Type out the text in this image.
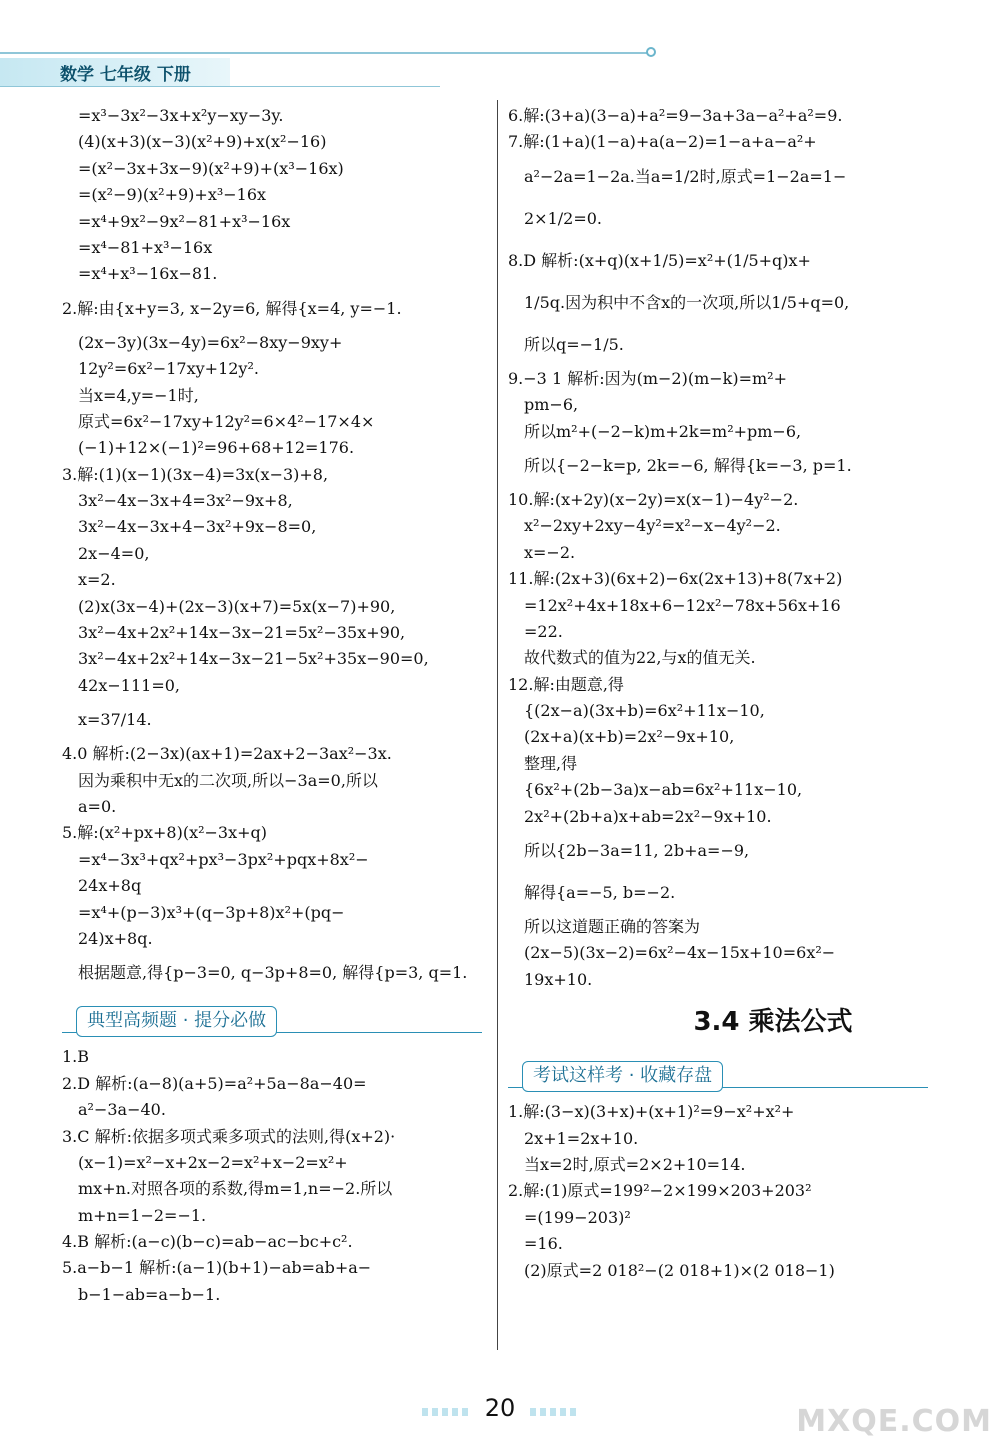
数学 七年级 下册
=x³−3x²−3x+x²y−xy−3y.
(4)(x+3)(x−3)(x²+9)+x(x²−16)
=(x²−3x+3x−9)(x²+9)+(x³−16x)
=(x²−9)(x²+9)+x³−16x
=x⁴+9x²−9x²−81+x³−16x
=x⁴−81+x³−16x
=x⁴+x³−16x−81.
2.解:由{x+y=3, x−2y=6, 解得{x=4, y=−1.
(2x−3y)(3x−4y)=6x²−8xy−9xy+
12y²=6x²−17xy+12y².
当x=4,y=−1时,
原式=6x²−17xy+12y²=6×4²−17×4×
(−1)+12×(−1)²=96+68+12=176.
3.解:(1)(x−1)(3x−4)=3x(x−3)+8,
3x²−4x−3x+4=3x²−9x+8,
3x²−4x−3x+4−3x²+9x−8=0,
2x−4=0,
x=2.
(2)x(3x−4)+(2x−3)(x+7)=5x(x−7)+90,
3x²−4x+2x²+14x−3x−21=5x²−35x+90,
3x²−4x+2x²+14x−3x−21−5x²+35x−90=0,
42x−111=0,
x=37/14.
4.0 解析:(2−3x)(ax+1)=2ax+2−3ax²−3x.
因为乘积中无x的二次项,所以−3a=0,所以
a=0.
5.解:(x²+px+8)(x²−3x+q)
=x⁴−3x³+qx²+px³−3px²+pqx+8x²−
24x+8q
=x⁴+(p−3)x³+(q−3p+8)x²+(pq−
24)x+8q.
根据题意,得{p−3=0, q−3p+8=0, 解得{p=3, q=1.
典型高频题 · 提分必做
1.B
2.D 解析:(a−8)(a+5)=a²+5a−8a−40=
a²−3a−40.
3.C 解析:依据多项式乘多项式的法则,得(x+2)·
(x−1)=x²−x+2x−2=x²+x−2=x²+
mx+n.对照各项的系数,得m=1,n=−2.所以
m+n=1−2=−1.
4.B 解析:(a−c)(b−c)=ab−ac−bc+c².
5.a−b−1 解析:(a−1)(b+1)−ab=ab+a−
b−1−ab=a−b−1.
6.解:(3+a)(3−a)+a²=9−3a+3a−a²+a²=9.
7.解:(1+a)(1−a)+a(a−2)=1−a+a−a²+
a²−2a=1−2a.当a=1/2时,原式=1−2a=1−
2×1/2=0.
8.D 解析:(x+q)(x+1/5)=x²+(1/5+q)x+
1/5q.因为积中不含x的一次项,所以1/5+q=0,
所以q=−1/5.
9.−3 1 解析:因为(m−2)(m−k)=m²+
pm−6,
所以m²+(−2−k)m+2k=m²+pm−6,
所以{−2−k=p, 2k=−6, 解得{k=−3, p=1.
10.解:(x+2y)(x−2y)=x(x−1)−4y²−2.
x²−2xy+2xy−4y²=x²−x−4y²−2.
x=−2.
11.解:(2x+3)(6x+2)−6x(2x+13)+8(7x+2)
=12x²+4x+18x+6−12x²−78x+56x+16
=22.
故代数式的值为22,与x的值无关.
12.解:由题意,得
{(2x−a)(3x+b)=6x²+11x−10,
(2x+a)(x+b)=2x²−9x+10,
整理,得
{6x²+(2b−3a)x−ab=6x²+11x−10,
2x²+(2b+a)x+ab=2x²−9x+10.
所以{2b−3a=11, 2b+a=−9,
解得{a=−5, b=−2.
所以这道题正确的答案为
(2x−5)(3x−2)=6x²−4x−15x+10=6x²−
19x+10.
3.4 乘法公式
考试这样考 · 收藏存盘
1.解:(3−x)(3+x)+(x+1)²=9−x²+x²+
2x+1=2x+10.
当x=2时,原式=2×2+10=14.
2.解:(1)原式=199²−2×199×203+203²
=(199−203)²
=16.
(2)原式=2 018²−(2 018+1)×(2 018−1)
20	MXQE.COM
